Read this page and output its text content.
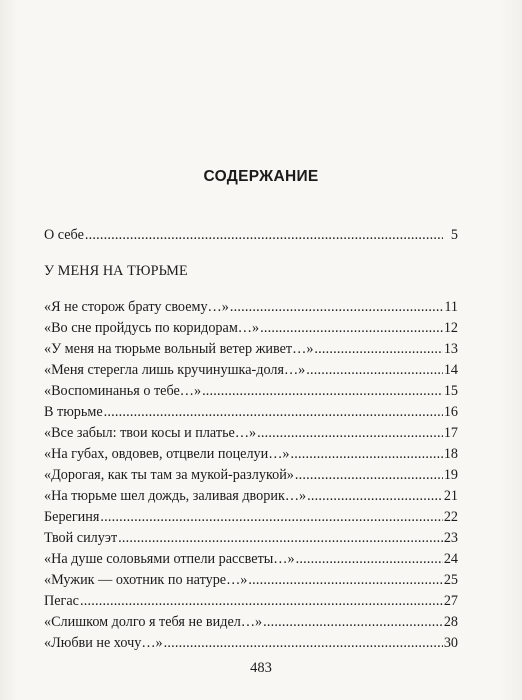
СОДЕРЖАНИЕ
О себе .....	5
У МЕНЯ НА ТЮРЬМЕ
«Я не сторож брату своему…» .....	11
«Во сне пройдусь по коридорам…» .....	12
«У меня на тюрьме вольный ветер живет…» .....	13
«Меня стерегла лишь кручинушка-доля…» .....	14
«Воспоминанья о тебе…» .....	15
В тюрьме .....	16
«Все забыл: твои косы и платье…» .....	17
«На губах, овдовев, отцвели поцелуи…» .....	18
«Дорогая, как ты там за мукой-разлукой» .....	19
«На тюрьме шел дождь, заливая дворик…» .....	21
Берегиня .....	22
Твой силуэт .....	23
«На душе соловьями отпели рассветы…» .....	24
«Мужик — охотник по натуре…» .....	25
Пегас .....	27
«Слишком долго я тебя не видел…» .....	28
«Любви не хочу…» .....	30
483
